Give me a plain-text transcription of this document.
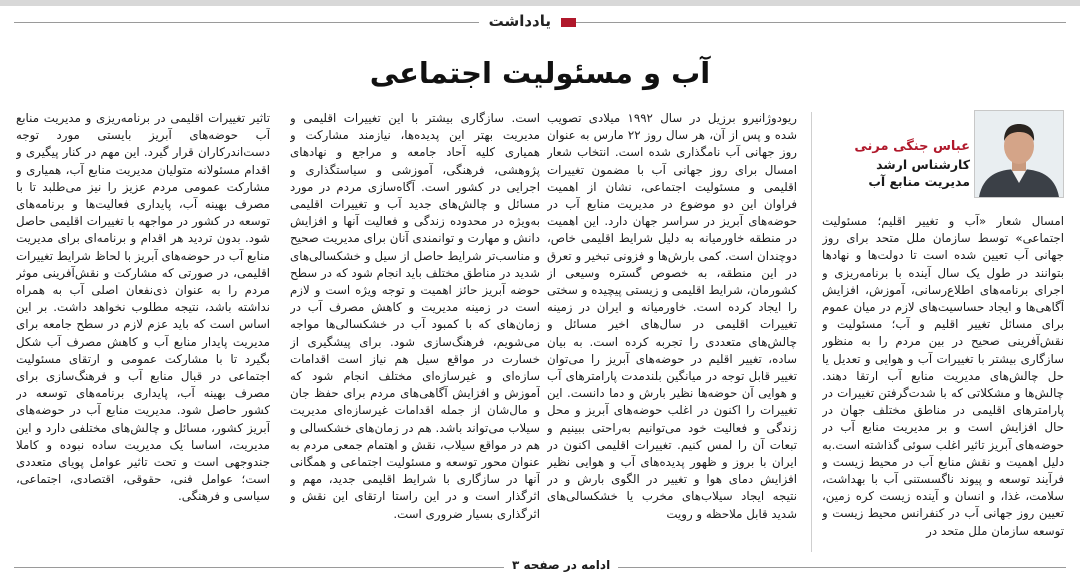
یادداشت
آب و مسئولیت اجتماعی
عباس جنگی مرنی
کارشناس ارشد مدیریت منابع آب

امسال شعار «آب و تغییر اقلیم؛ مسئولیت اجتماعی» توسط سازمان ملل متحد برای روز جهانی آب تعیین شده است تا دولت‌ها و نهادها بتوانند در طول یک سال آینده با برنامه‌ریزی و اجرای برنامه‌های اطلاع‌رسانی، آموزش، افزایش آگاهی‌ها و ایجاد حساسیت‌های لازم در میان عموم برای مسائل تغییر اقلیم و آب؛ مسئولیت و نقش‌آفرینی صحیح در بین مردم را به منظور سازگاری بیشتر با تغییرات آب و هوایی و تعدیل یا حل چالش‌های مدیریت منابع آب ارتقا دهند. چالش‌ها و مشکلاتی که با شدت‌گرفتن تغییرات در پارامترهای اقلیمی در مناطق مختلف جهان در حال افزایش است و بر مدیریت منابع آب در حوضه‌های آبریز تاثیر اغلب سوئی گذاشته است.به دلیل اهمیت و نقش منابع آب در محیط زیست و فرآیند توسعه و پیوند ناگسستنی آب با بهداشت، سلامت، غذا، و انسان و آینده زیست کره زمین، تعیین روز جهانی آب در کنفرانس محیط زیست و توسعه سازمان ملل متحد در

ریودوژانیرو برزیل در سال ۱۹۹۲ میلادی تصویب شده و پس از آن، هر سال روز ۲۲ مارس به عنوان روز جهانی آب نامگذاری شده است. انتخاب شعار امسال برای روز جهانی آب با مضمون تغییرات اقلیمی و مسئولیت اجتماعی، نشان از اهمیت فراوان این دو موضوع در مدیریت منابع آب در حوضه‌های آبریز در سراسر جهان دارد. این اهمیت در منطقه خاورمیانه به دلیل شرایط اقلیمی خاص، دوچندان است. کمی بارش‌ها و فزونی تبخیر و تعرق در این منطقه، به خصوص گستره وسیعی از کشورمان، شرایط اقلیمی و زیستی پیچیده و سختی را ایجاد کرده است. خاورمیانه و ایران در زمینه تغییرات اقلیمی در سال‌های اخیر مسائل و چالش‌های متعددی را تجربه کرده است. به بیان ساده، تغییر اقلیم در حوضه‌های آبریز را می‌توان تغییر قابل توجه در میانگین بلندمدت پارامترهای آب و هوایی آن حوضه‌ها نظیر بارش و دما دانست. این تغییرات را اکنون در اغلب حوضه‌های آبریز و محل زندگی و فعالیت خود می‌توانیم به‌راحتی ببینیم و تبعات آن را لمس کنیم. تغییرات اقلیمی اکنون در ایران با بروز و ظهور پدیده‌های آب و هوایی نظیر افزایش دمای هوا و تغییر در الگوی بارش و در نتیجه ایجاد سیلاب‌های مخرب یا خشکسالی‌های شدید قابل ملاحظه و رویت

است. سازگاری بیشتر با این تغییرات اقلیمی و مدیریت بهتر این پدیده‌ها، نیازمند مشارکت و همیاری کلیه آحاد جامعه و مراجع و نهادهای پژوهشی، فرهنگی، آموزشی و سیاستگذاری و اجرایی در کشور است. آگاه‌سازی مردم در مورد مسائل و چالش‌های جدید آب و تغییرات اقلیمی به‌ویژه در محدوده زندگی و فعالیت آنها و افزایش دانش و مهارت و توانمندی آنان برای مدیریت صحیح و مناسب‌تر شرایط حاصل از سیل و خشکسالی‌های شدید در مناطق مختلف باید انجام شود که در سطح حوضه آبریز حائز اهمیت و توجه ویژه است و لازم است در زمینه مدیریت و کاهش مصرف آب در زمان‌های که با کمبود آب در خشکسالی‌ها مواجه می‌شویم، فرهنگ‌سازی شود. برای پیشگیری از خسارت در مواقع سیل هم نیاز است اقدامات سازه‌ای و غیرسازه‌ای مختلف انجام شود که آموزش و افزایش آگاهی‌های مردم برای حفظ جان و مال‌شان از جمله اقدامات غیرسازه‌ای مدیریت سیلاب می‌تواند باشد. هم در زمان‌های خشکسالی و هم در مواقع سیلاب، نقش و اهتمام جمعی مردم به عنوان محور توسعه و مسئولیت اجتماعی و همگانی آنها در سازگاری با شرایط اقلیمی جدید، مهم و اثرگذار است و در این راستا ارتقای این نقش و اثرگذاری بسیار ضروری است.

تاثیر تغییرات اقلیمی در برنامه‌ریزی و مدیریت منابع آب حوضه‌های آبریز بایستی مورد توجه دست‌اندرکاران قرار گیرد. این مهم در کنار پیگیری و اقدام مسئولانه متولیان مدیریت منابع آب، همیاری و مشارکت عمومی مردم عزیز را نیز می‌طلبد تا با مصرف بهینه آب، پایداری فعالیت‌ها و برنامه‌های توسعه در کشور در مواجهه با تغییرات اقلیمی حاصل شود. بدون تردید هر اقدام و برنامه‌ای برای مدیریت منابع آب در حوضه‌های آبریز با لحاظ شرایط تغییرات اقلیمی، در صورتی که مشارکت و نقش‌آفرینی موثر مردم را به عنوان ذی‌نفعان اصلی آب به همراه نداشته باشد، نتیجه مطلوب نخواهد داشت. بر این اساس است که باید عزم لازم در سطح جامعه برای مدیریت پایدار منابع آب و کاهش مصرف آب شکل بگیرد تا با مشارکت عمومی و ارتقای مسئولیت اجتماعی در قبال منابع آب و فرهنگ‌سازی برای مصرف بهینه آب، پایداری برنامه‌های توسعه در کشور حاصل شود. مدیریت منابع آب در حوضه‌های آبریز کشور، مسائل و چالش‌های مختلفی دارد و این مدیریت، اساسا یک مدیریت ساده نبوده و کاملا جندوجهی است و تحت تاثیر عوامل پویای متعددی است؛ عوامل فنی، حقوقی، اقتصادی، اجتماعی، سیاسی و فرهنگی.

ادامه در صفحه ۳
